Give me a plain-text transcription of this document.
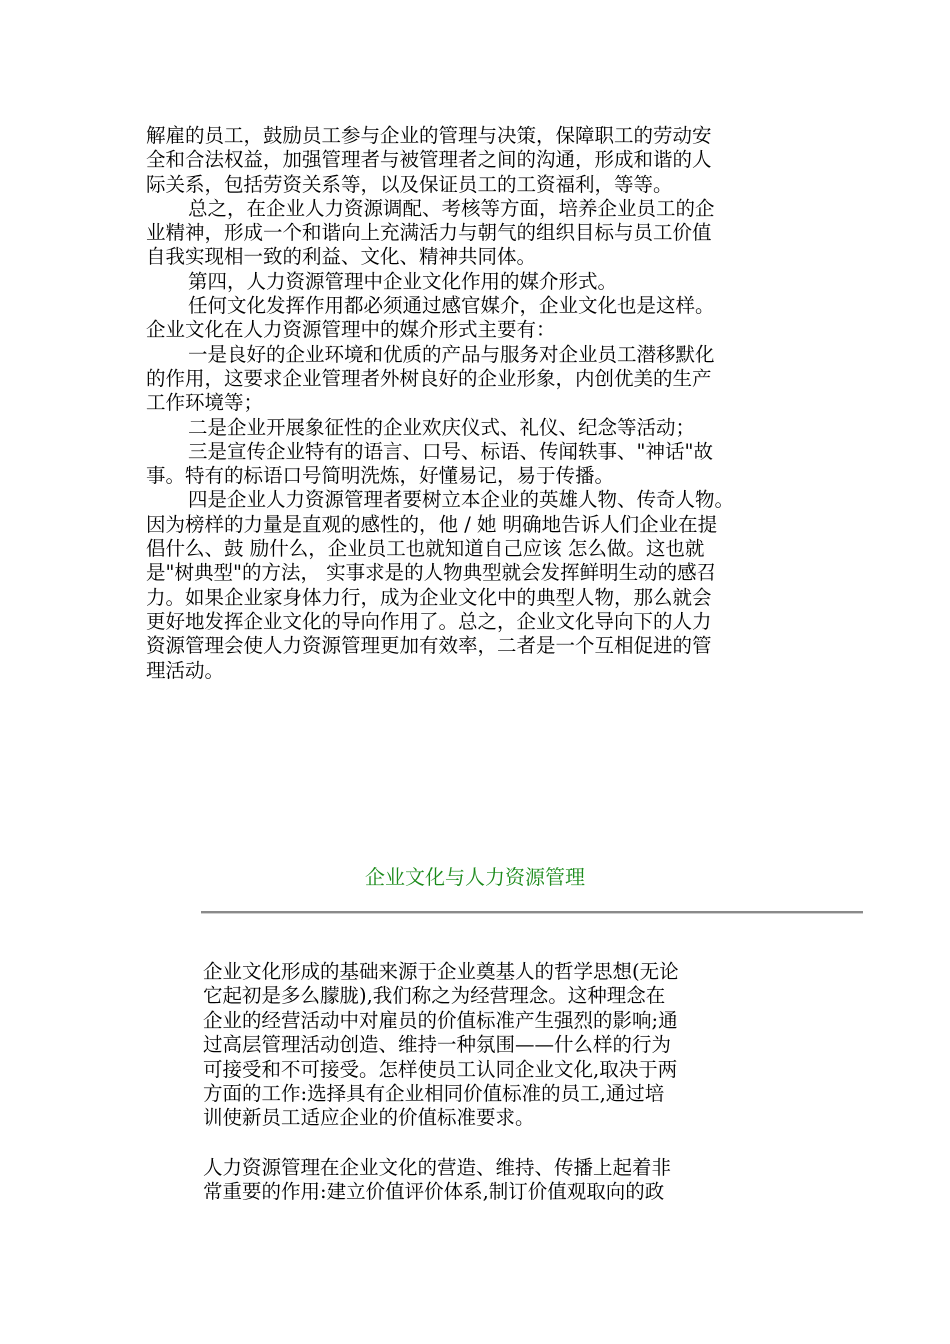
解雇的员工，鼓励员工参与企业的管理与决策，保障职工的劳动安
全和合法权益，加强管理者与被管理者之间的沟通，形成和谐的人
际关系，包括劳资关系等，以及保证员工的工资福利，等等。
总之，在企业人力资源调配、考核等方面，培养企业员工的企
业精神，形成一个和谐向上充满活力与朝气的组织目标与员工价值
自我实现相一致的利益、文化、精神共同体。
第四，人力资源管理中企业文化作用的媒介形式。
任何文化发挥作用都必须通过感官媒介，企业文化也是这样。
企业文化在人力资源管理中的媒介形式主要有：
一是良好的企业环境和优质的产品与服务对企业员工潜移默化
的作用，这要求企业管理者外树良好的企业形象，内创优美的生产
工作环境等；
二是企业开展象征性的企业欢庆仪式、礼仪、纪念等活动；
三是宣传企业特有的语言、口号、标语、传闻轶事、"神话"故
事。特有的标语口号简明洗炼，好懂易记，易于传播。
四是企业人力资源管理者要树立本企业的英雄人物、传奇人物。
因为榜样的力量是直观的感性的，他 / 她 明确地告诉人们企业在提
倡什么、鼓 励什么，企业员工也就知道自己应该 怎么做。这也就
是"树典型"的方法， 实事求是的人物典型就会发挥鲜明生动的感召
力。如果企业家身体力行，成为企业文化中的典型人物，那么就会
更好地发挥企业文化的导向作用了。总之，企业文化导向下的人力
资源管理会使人力资源管理更加有效率，二者是一个互相促进的管
理活动。
企业文化与人力资源管理
企业文化形成的基础来源于企业奠基人的哲学思想(无论
它起初是多么朦胧),我们称之为经营理念。这种理念在
企业的经营活动中对雇员的价值标准产生强烈的影响;通
过高层管理活动创造、维持一种氛围——什么样的行为
可接受和不可接受。怎样使员工认同企业文化,取决于两
方面的工作:选择具有企业相同价值标准的员工,通过培
训使新员工适应企业的价值标准要求。
人力资源管理在企业文化的营造、维持、传播上起着非
常重要的作用:建立价值评价体系,制订价值观取向的政
